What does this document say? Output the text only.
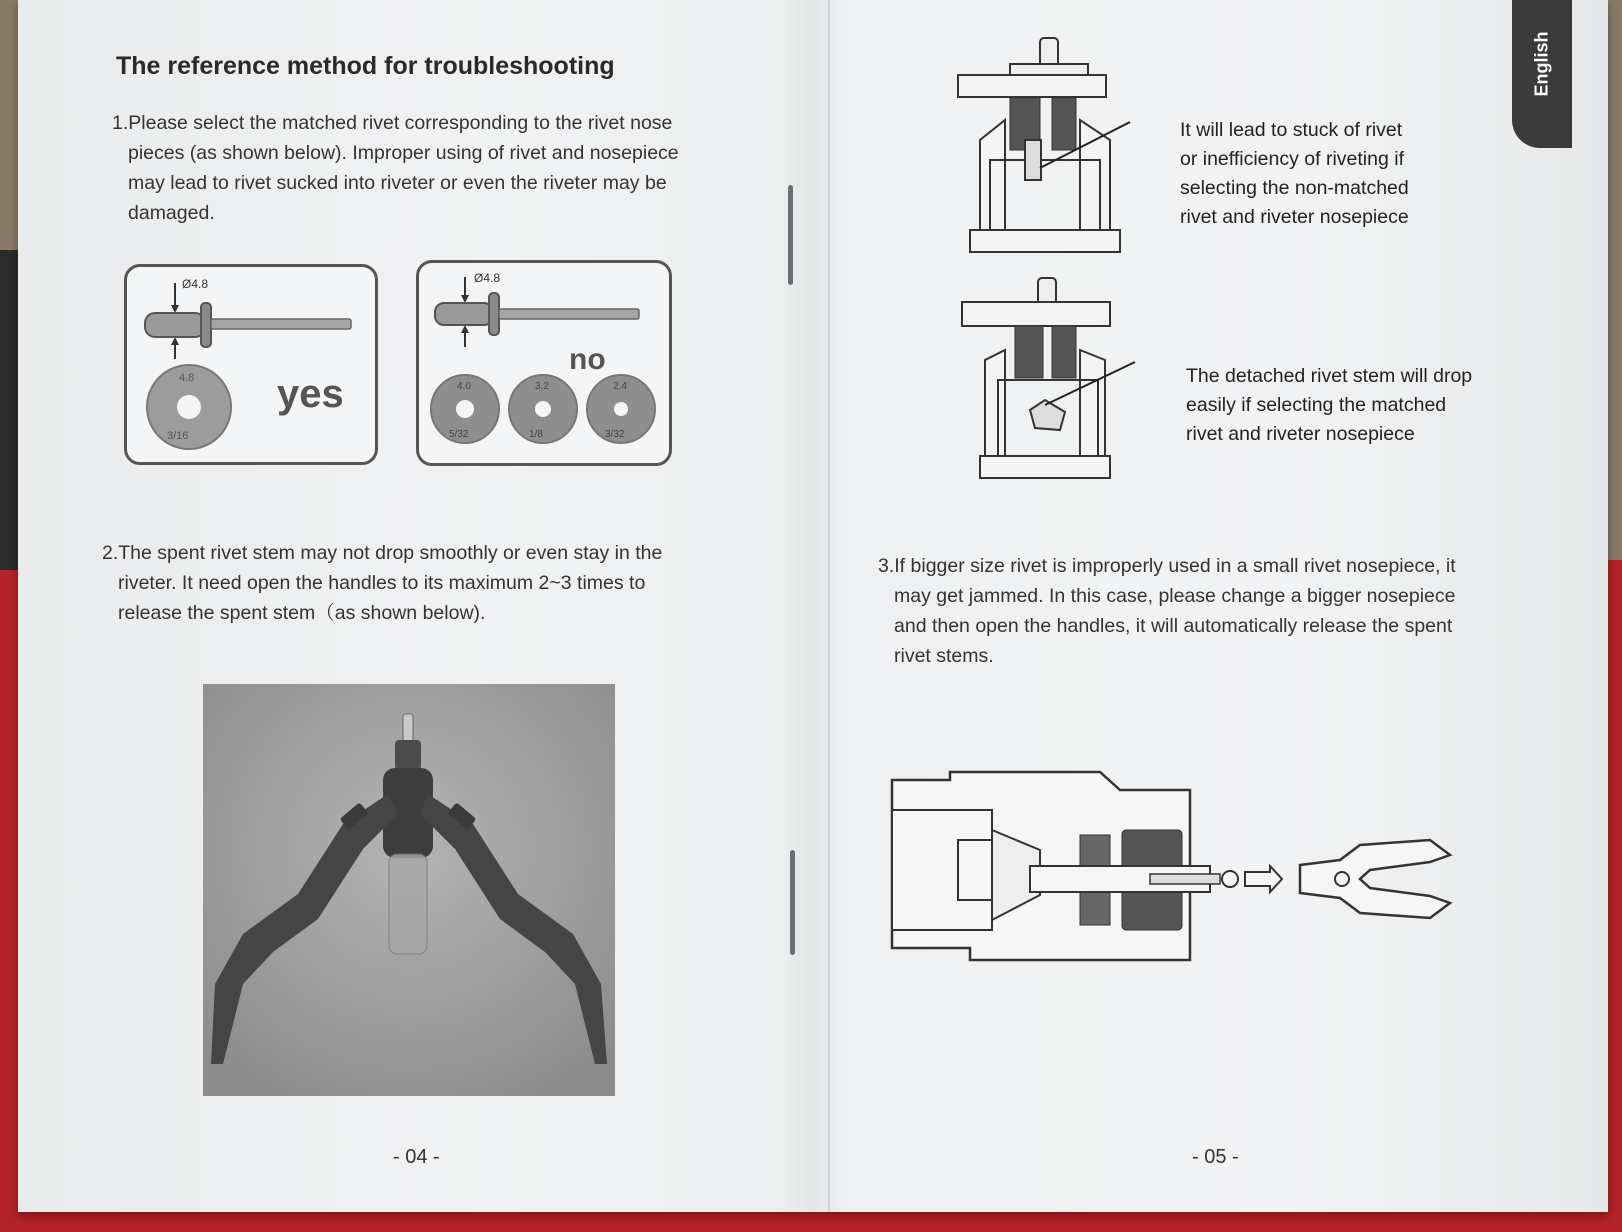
The reference method for troubleshooting

1.Please select the matched rivet corresponding to the rivet nose
pieces (as shown below). Improper using of rivet and nosepiece
may lead to rivet sucked into riveter or even the riveter may be
damaged.

Ø4.8
4.8
3/16
yes
Ø4.8
4.0
5/32
3.2
1/8
2.4
3/32
no

2.The spent rivet stem may not drop smoothly or even stay in the
riveter. It need open the handles to its maximum 2~3 times to
release the spent stem（as shown below).

- 04 -

It will lead to stuck of rivet
or inefficiency of riveting if
selecting the non-matched
rivet and riveter nosepiece

The detached rivet stem will drop
easily if selecting the matched
rivet and riveter nosepiece

3.If bigger size rivet is improperly used in a small rivet nosepiece, it
may get jammed. In this case, please change a bigger nosepiece
and then open the handles, it will automatically release the spent
rivet stems.

- 05 -
English
